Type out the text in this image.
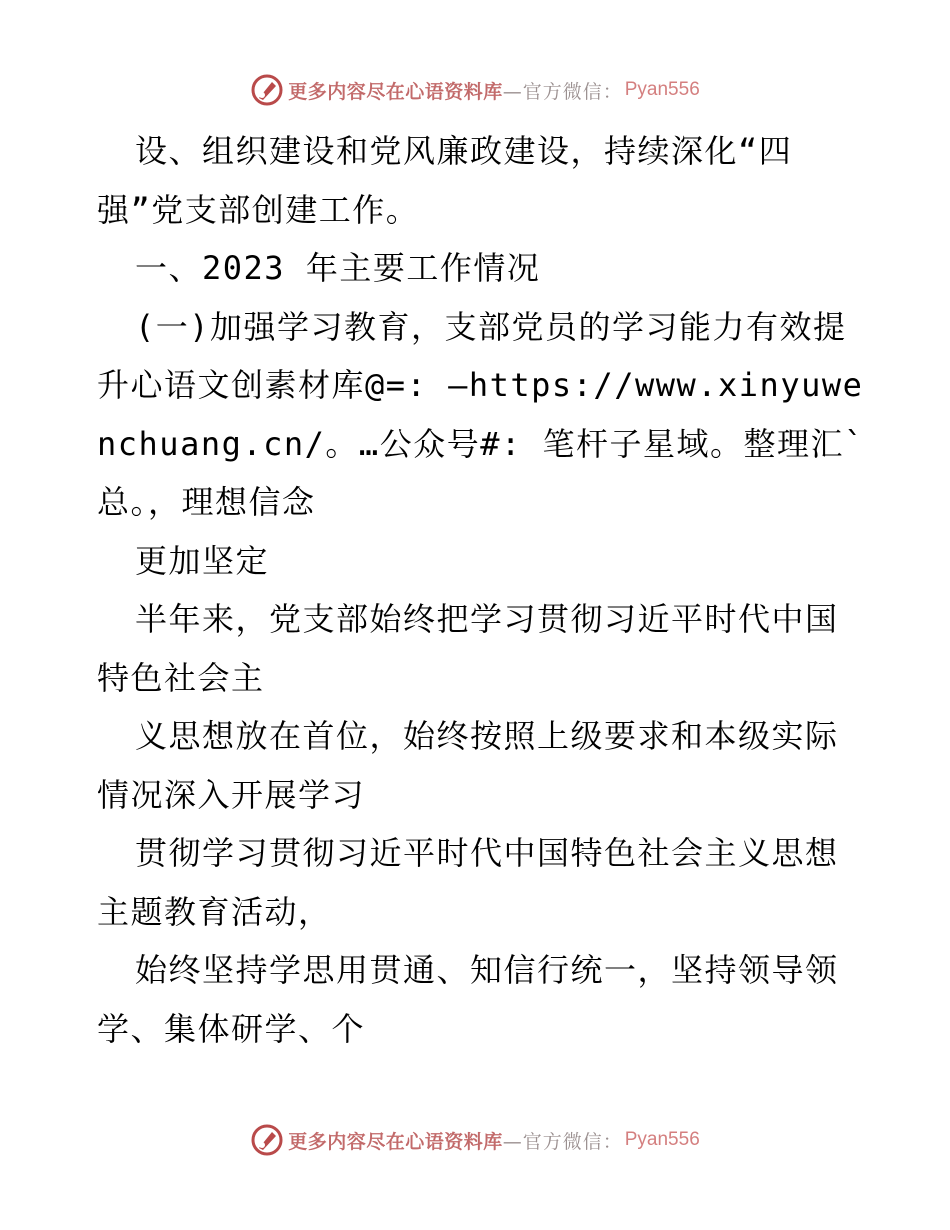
更多内容尽在心语资料库 —官方微信： Pyan556

设、组织建设和党风廉政建设，持续深化“四强”党支部创建工作。

一、2023 年主要工作情况

(一)加强学习教育，支部党员的学习能力有效提升心语文创素材库@=: —https://www.xinyuwenchuang.cn/。…公众号#: 笔杆子星域。整理汇`总。，理想信念

更加坚定

半年来，党支部始终把学习贯彻习近平时代中国特色社会主

义思想放在首位，始终按照上级要求和本级实际情况深入开展学习

贯彻学习贯彻习近平时代中国特色社会主义思想主题教育活动，

始终坚持学思用贯通、知信行统一，坚持领导领学、集体研学、个

更多内容尽在心语资料库 —官方微信： Pyan556
